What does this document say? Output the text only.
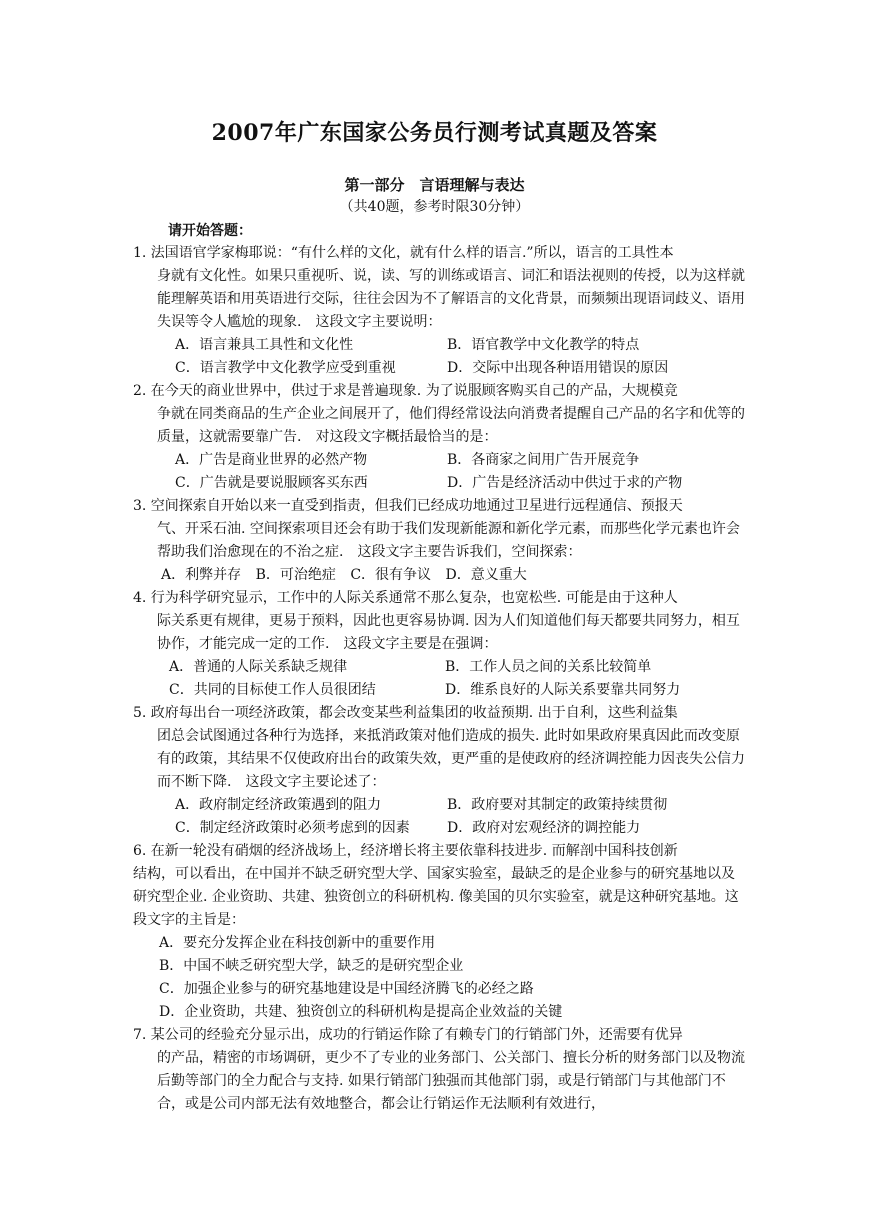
2007年广东国家公务员行测考试真题及答案
第一部分　言语理解与表达
（共40题，参考时限30分钟）
请开始答题：
1. 法国语官学家梅耶说：“有什么样的文化，就有什么样的语言.”所以，语言的工具性本
身就有文化性。如果只重视听、说，读、写的训练或语言、词汇和语法视则的传授，以为这样就能理解英语和用英语进行交际，往往会因为不了解语言的文化背景，而频频出现语词歧义、语用失误等令人尴尬的现象.　这段文字主要说明：
A．语言兼具工具性和文化性	B．语官教学中文化教学的特点
C．语言教学中文化教学应受到重视	D．交际中出现各种语用错误的原因
2. 在今天的商业世界中，供过于求是普遍现象. 为了说服顾客购买自己的产品，大规模竞
争就在同类商品的生产企业之间展开了，他们得经常设法向消费者提醒自己产品的名字和优等的质量，这就需要靠广告.　对这段文字概括最恰当的是：
A．广告是商业世界的必然产物	B．各商家之间用广告开展竞争
C．广告就是要说服顾客买东西	D．广告是经济活动中供过于求的产物
3. 空间探索自开始以来一直受到指责，但我们已经成功地通过卫星进行远程通信、预报天
气、开采石油. 空间探索项目还会有助于我们发现新能源和新化学元素，而那些化学元素也许会帮助我们治愈现在的不治之症.　这段文字主要告诉我们，空间探索：
A．利弊并存 B．可治绝症 C．很有争议 D．意义重大
4. 行为科学研究显示，工作中的人际关系通常不那么复杂，也宽松些. 可能是由于这种人
际关系更有规律，更易于预料，因此也更容易协调. 因为人们知道他们每天都要共同努力，相互协作，才能完成一定的工作.　这段文字主要是在强调：
A．普通的人际关系缺乏规律	B．工作人员之间的关系比较简单
C．共同的目标使工作人员很团结	D．维系良好的人际关系要靠共同努力
5. 政府每出台一项经济政策，都会改变某些利益集团的收益预期. 出于自利，这些利益集
团总会试图通过各种行为选择，来抵消政策对他们造成的损失. 此时如果政府果真因此而改变原有的政策，其结果不仅使政府出台的政策失效，更严重的是使政府的经济调控能力因丧失公信力而不断下降.　这段文字主要论述了：
A．政府制定经济政策遇到的阻力	B．政府要对其制定的政策持续贯彻
C．制定经济政策时必须考虑到的因素	D．政府对宏观经济的调控能力
6. 在新一轮没有硝烟的经济战场上，经济增长将主要依靠科技进步. 而解剖中国科技创新
结构，可以看出，在中国并不缺乏研究型大学、国家实验室，最缺乏的是企业参与的研究基地以及研究型企业. 企业资助、共建、独资创立的科研机构. 像美国的贝尔实验室，就是这种研究基地。这段文字的主旨是：
A．要充分发挥企业在科技创新中的重要作用
B．中国不峡乏研究型大学，缺乏的是研究型企业
C．加强企业参与的研究基地建设是中国经济腾飞的必经之路
D．企业资助，共建、独资创立的科研机构是提高企业效益的关键
7. 某公司的经验充分显示出，成功的行销运作除了有赖专门的行销部门外，还需要有优异
的产品，精密的市场调研，更少不了专业的业务部门、公关部门、擅长分析的财务部门以及物流后勤等部门的全力配合与支持. 如果行销部门独强而其他部门弱，或是行销部门与其他部门不合，或是公司内部无法有效地整合，都会让行销运作无法顺利有效进行，
